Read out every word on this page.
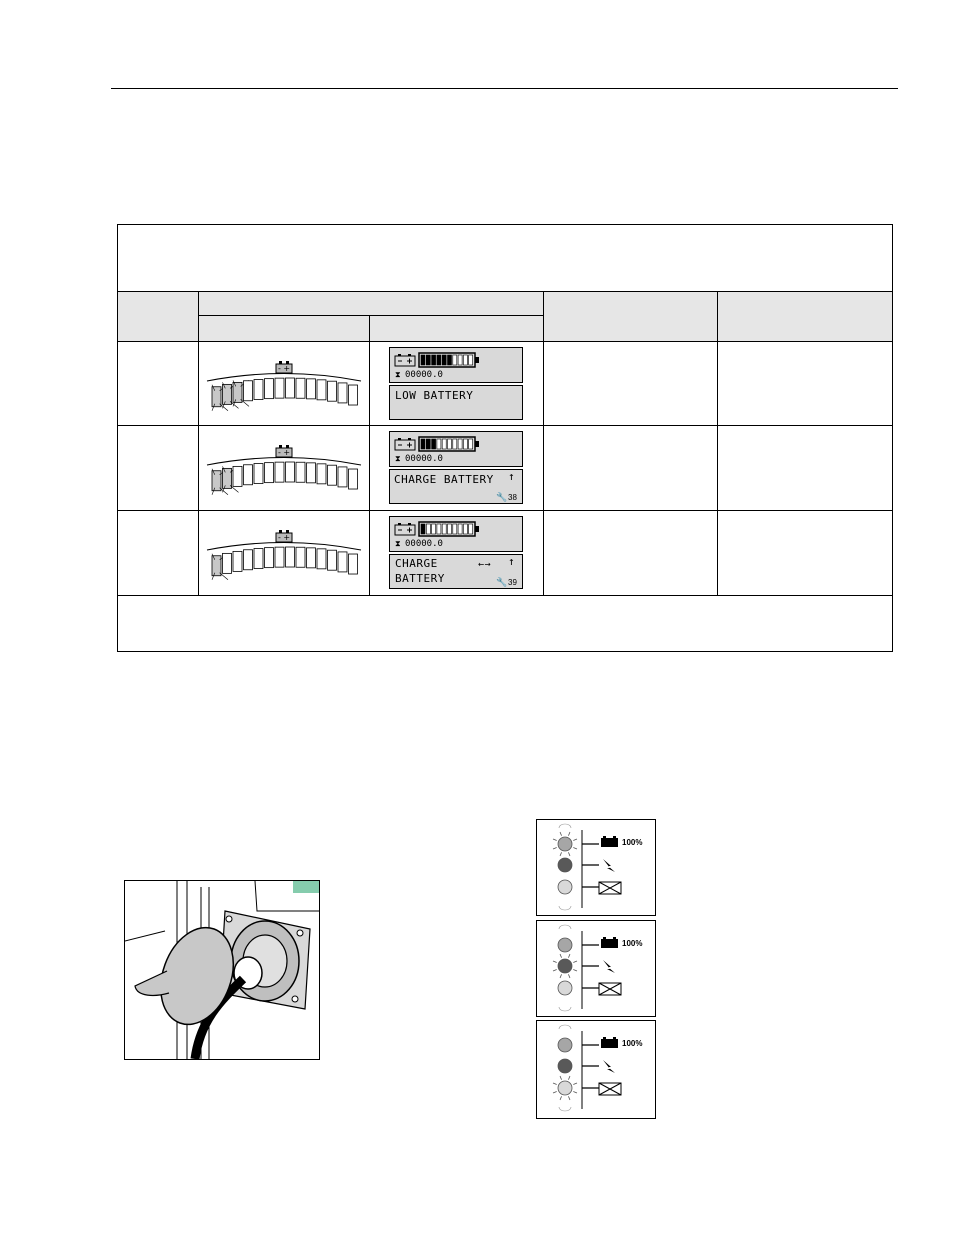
- +
⧗ 00000.0
LOW BATTERY
- +
⧗ 00000.0
CHARGE BATTERY ↑
🔧 38
- +
⧗ 00000.0
CHARGE
BATTERY
←→ ↑
🔧 39
100%
100%
100%
